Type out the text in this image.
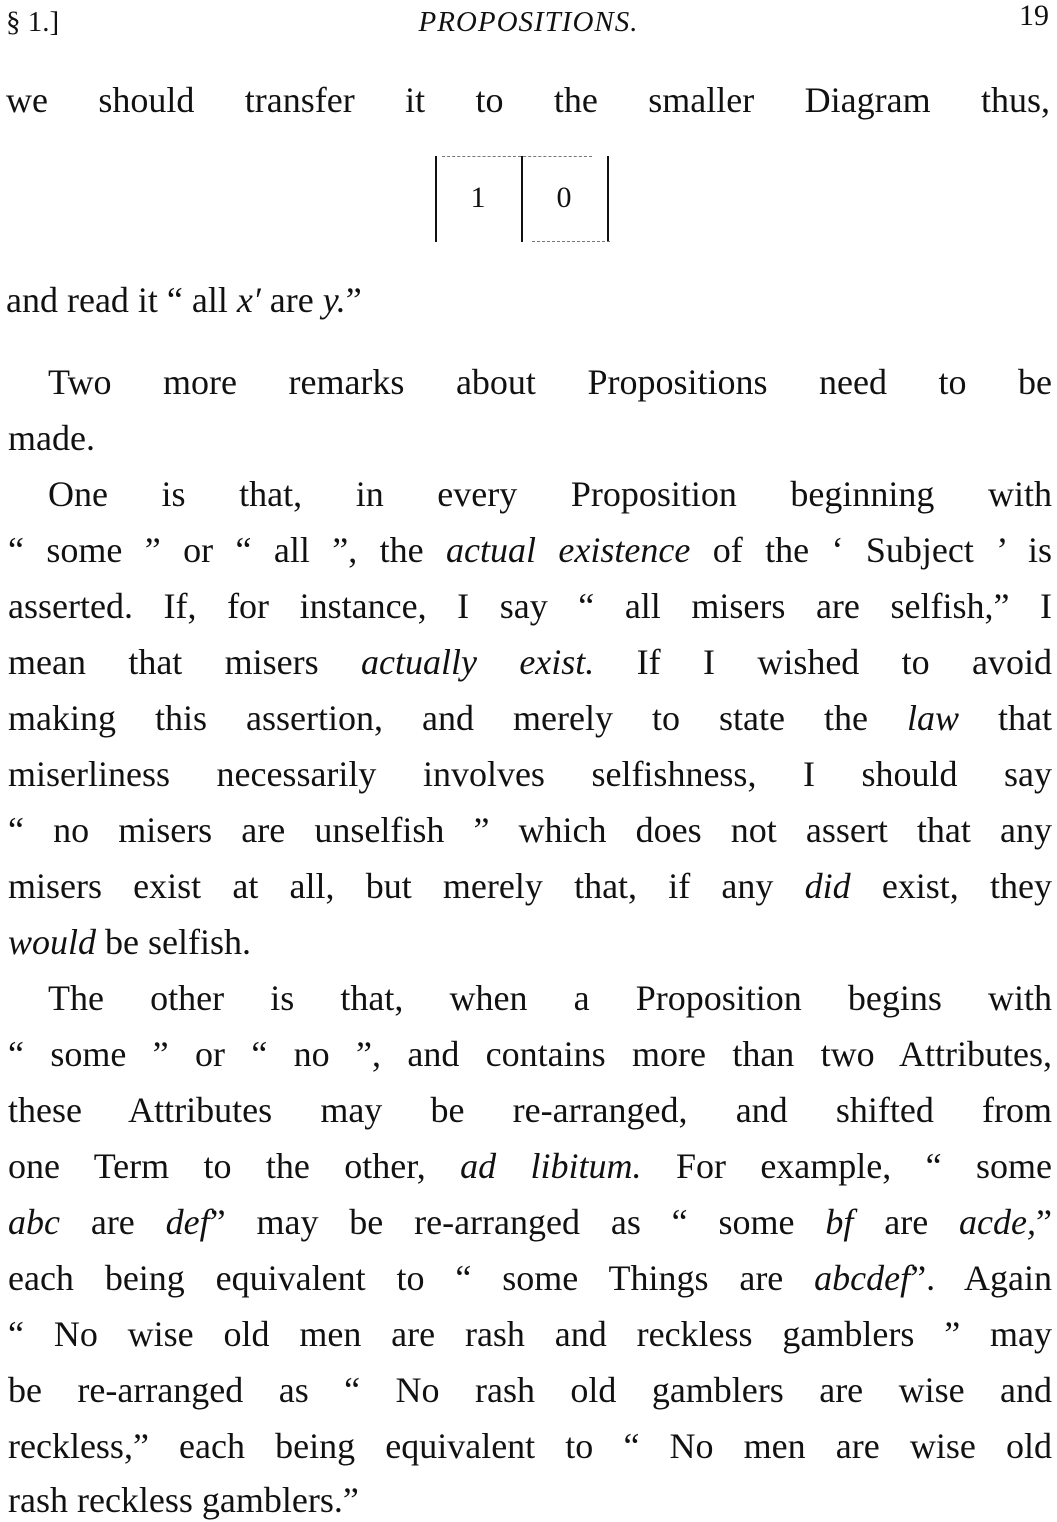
§ 1.]	PROPOSITIONS.	19
we should transfer it to the smaller Diagram thus,
1	0
and read it “ all x′ are y.”
Two more remarks about Propositions need to be
made.
One is that, in every Proposition beginning with
“ some ” or “ all ”, the actual existence of the ‘ Subject ’ is
asserted. If, for instance, I say “ all misers are selfish,” I
mean that misers actually exist. If I wished to avoid
making this assertion, and merely to state the law that
miserliness necessarily involves selfishness, I should say
“ no misers are unselfish ” which does not assert that any
misers exist at all, but merely that, if any did exist, they
would be selfish.
The other is that, when a Proposition begins with
“ some ” or “ no ”, and contains more than two Attributes,
these Attributes may be re-arranged, and shifted from
one Term to the other, ad libitum. For example, “ some
abc are def” may be re-arranged as “ some bf are acde,”
each being equivalent to “ some Things are abcdef”. Again
“ No wise old men are rash and reckless gamblers ” may
be re-arranged as “ No rash old gamblers are wise and
reckless,” each being equivalent to “ No men are wise old
rash reckless gamblers.”
